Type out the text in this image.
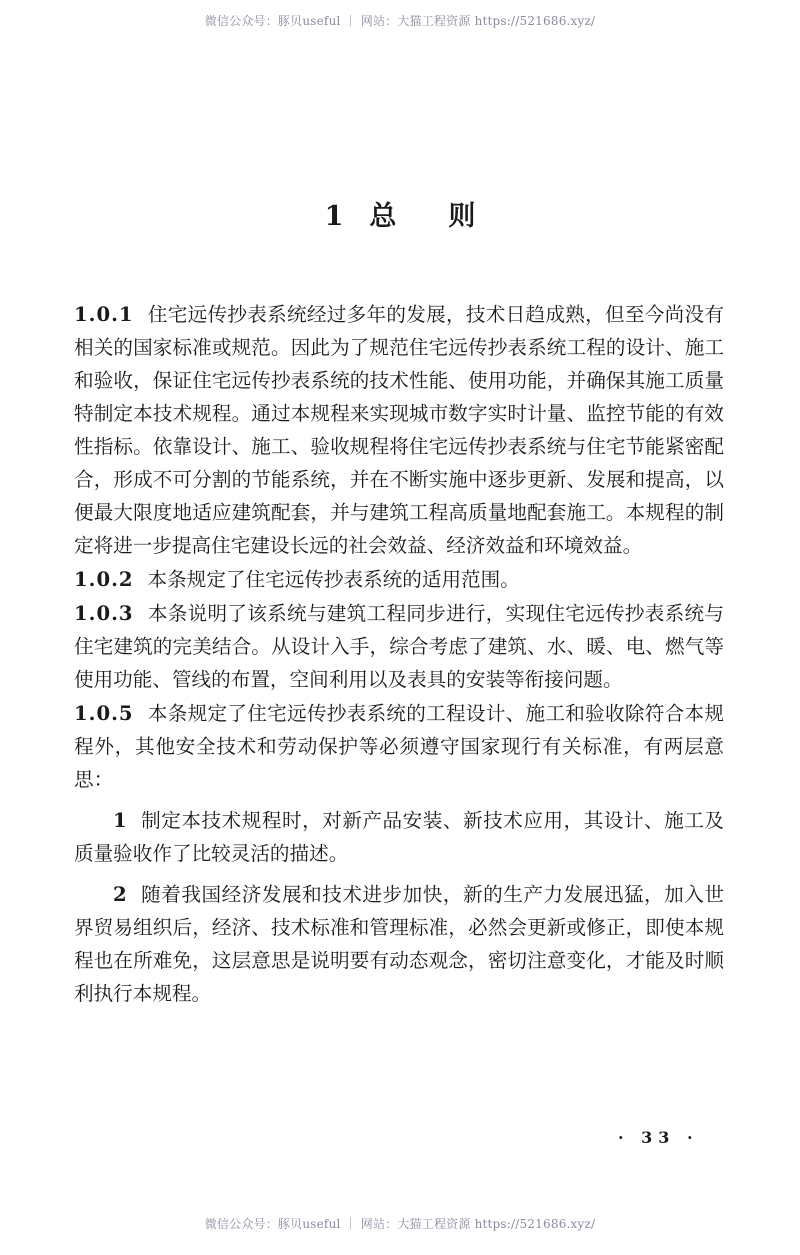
微信公众号：豚贝useful ｜ 网站：大猫工程资源 https://521686.xyz/
1 总 则

1.0.1 住宅远传抄表系统经过多年的发展，技术日趋成熟，但至今尚没有相关的国家标准或规范。因此为了规范住宅远传抄表系统工程的设计、施工和验收，保证住宅远传抄表系统的技术性能、使用功能，并确保其施工质量特制定本技术规程。通过本规程来实现城市数字实时计量、监控节能的有效性指标。依靠设计、施工、验收规程将住宅远传抄表系统与住宅节能紧密配合，形成不可分割的节能系统，并在不断实施中逐步更新、发展和提高，以便最大限度地适应建筑配套，并与建筑工程高质量地配套施工。本规程的制定将进一步提高住宅建设长远的社会效益、经济效益和环境效益。

1.0.2 本条规定了住宅远传抄表系统的适用范围。

1.0.3 本条说明了该系统与建筑工程同步进行，实现住宅远传抄表系统与住宅建筑的完美结合。从设计入手，综合考虑了建筑、水、暖、电、燃气等使用功能、管线的布置，空间利用以及表具的安装等衔接问题。

1.0.5 本条规定了住宅远传抄表系统的工程设计、施工和验收除符合本规程外，其他安全技术和劳动保护等必须遵守国家现行有关标准，有两层意思：

1 制定本技术规程时，对新产品安装、新技术应用，其设计、施工及质量验收作了比较灵活的描述。

2 随着我国经济发展和技术进步加快，新的生产力发展迅猛，加入世界贸易组织后，经济、技术标准和管理标准，必然会更新或修正，即使本规程也在所难免，这层意思是说明要有动态观念，密切注意变化，才能及时顺利执行本规程。

· 33 ·
微信公众号：豚贝useful ｜ 网站：大猫工程资源 https://521686.xyz/
